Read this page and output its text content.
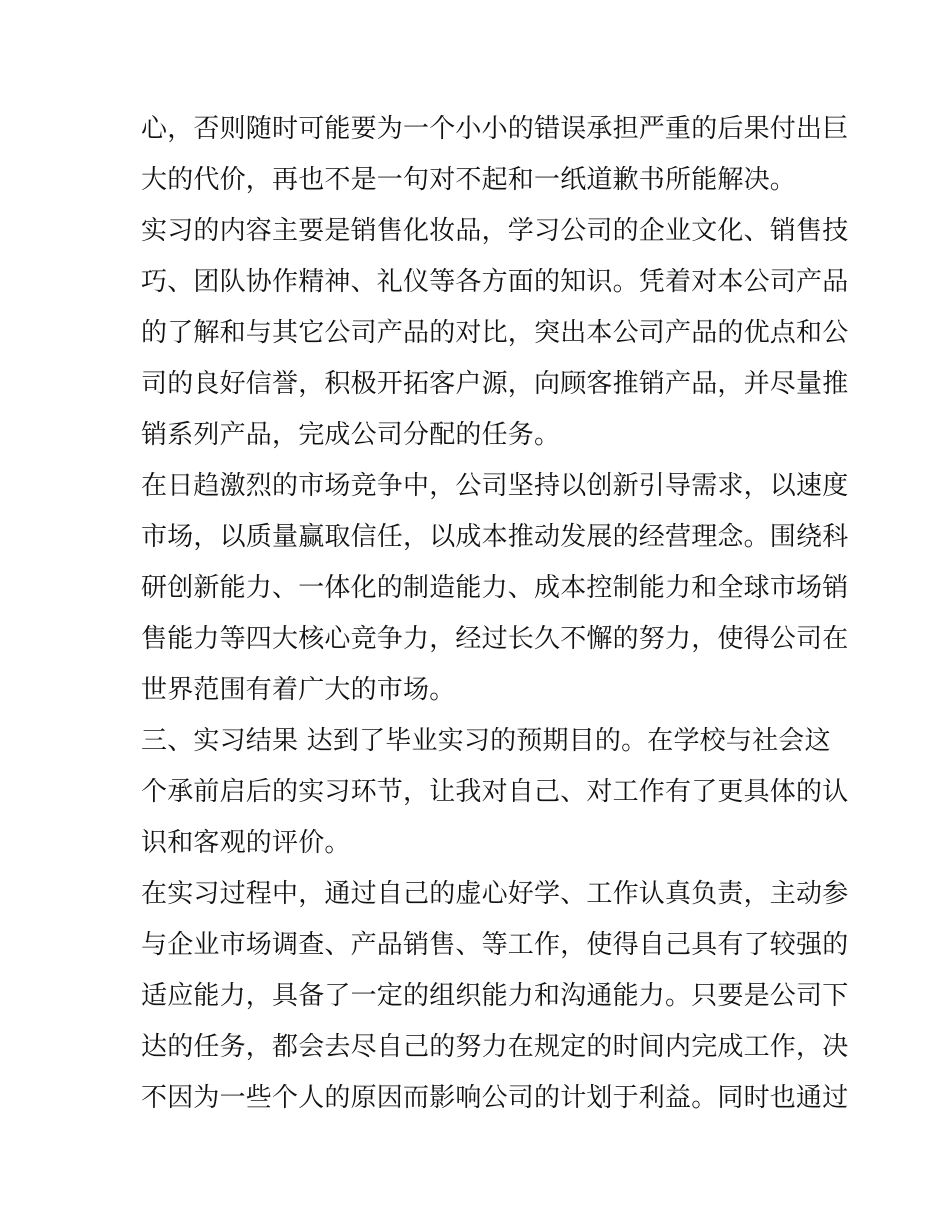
心，否则随时可能要为一个小小的错误承担严重的后果付出巨
大的代价，再也不是一句对不起和一纸道歉书所能解决。
实习的内容主要是销售化妆品，学习公司的企业文化、销售技
巧、团队协作精神、礼仪等各方面的知识。凭着对本公司产品
的了解和与其它公司产品的对比，突出本公司产品的优点和公
司的良好信誉，积极开拓客户源，向顾客推销产品，并尽量推
销系列产品，完成公司分配的任务。
在日趋激烈的市场竞争中，公司坚持以创新引导需求，以速度
市场，以质量赢取信任，以成本推动发展的经营理念。围绕科
研创新能力、一体化的制造能力、成本控制能力和全球市场销
售能力等四大核心竞争力，经过长久不懈的努力，使得公司在
世界范围有着广大的市场。
三、实习结果 达到了毕业实习的预期目的。在学校与社会这
个承前启后的实习环节，让我对自己、对工作有了更具体的认
识和客观的评价。
在实习过程中，通过自己的虚心好学、工作认真负责，主动参
与企业市场调查、产品销售、等工作，使得自己具有了较强的
适应能力，具备了一定的组织能力和沟通能力。只要是公司下
达的任务，都会去尽自己的努力在规定的时间内完成工作，决
不因为一些个人的原因而影响公司的计划于利益。同时也通过
